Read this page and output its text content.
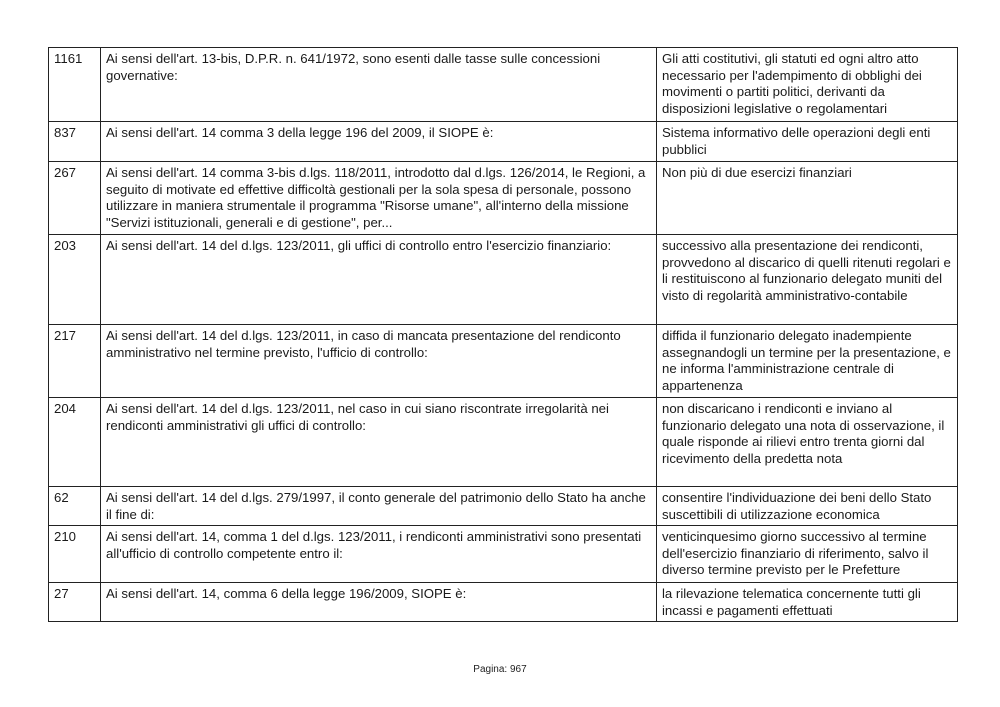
1161	Ai sensi dell'art. 13-bis, D.P.R. n. 641/1972, sono esenti dalle tasse sulle concessioni governative:	Gli atti costitutivi, gli statuti ed ogni altro atto necessario per l'adempimento di obblighi dei movimenti o partiti politici, derivanti da disposizioni legislative o regolamentari
837	Ai sensi dell'art. 14 comma 3 della legge 196 del 2009, il SIOPE è:	Sistema informativo delle operazioni degli enti pubblici
267	Ai sensi dell'art. 14 comma 3-bis d.lgs. 118/2011, introdotto dal d.lgs. 126/2014, le Regioni, a seguito di motivate ed effettive difficoltà gestionali per la sola spesa di personale, possono utilizzare in maniera strumentale il programma "Risorse umane", all'interno della missione "Servizi istituzionali, generali e di gestione", per...	Non più di due esercizi finanziari
203	Ai sensi dell'art. 14 del d.lgs. 123/2011, gli uffici di controllo entro l'esercizio finanziario:	successivo alla presentazione dei rendiconti, provvedono al discarico di quelli ritenuti regolari e li restituiscono al funzionario delegato muniti del visto di regolarità amministrativo-contabile
217	Ai sensi dell'art. 14 del d.lgs. 123/2011, in caso di mancata presentazione del rendiconto amministrativo nel termine previsto, l'ufficio di controllo:	diffida il funzionario delegato inadempiente assegnandogli un termine per la presentazione, e ne informa l'amministrazione centrale di appartenenza
204	Ai sensi dell'art. 14 del d.lgs. 123/2011, nel caso in cui siano riscontrate irregolarità nei rendiconti amministrativi gli uffici di controllo:	non discaricano i rendiconti e inviano al funzionario delegato una nota di osservazione, il quale risponde ai rilievi entro trenta giorni dal ricevimento della predetta nota
62	Ai sensi dell'art. 14 del d.lgs. 279/1997, il conto generale del patrimonio dello Stato ha anche il fine di:	consentire l'individuazione dei beni dello Stato suscettibili di utilizzazione economica
210	Ai sensi dell'art. 14, comma 1 del d.lgs. 123/2011, i rendiconti amministrativi sono presentati all'ufficio di controllo competente entro il:	venticinquesimo giorno successivo al termine dell'esercizio finanziario di riferimento, salvo il diverso termine previsto per le Prefetture
27	Ai sensi dell'art. 14, comma 6 della legge 196/2009, SIOPE è:	la rilevazione telematica concernente tutti gli incassi e pagamenti effettuati
Pagina: 967
